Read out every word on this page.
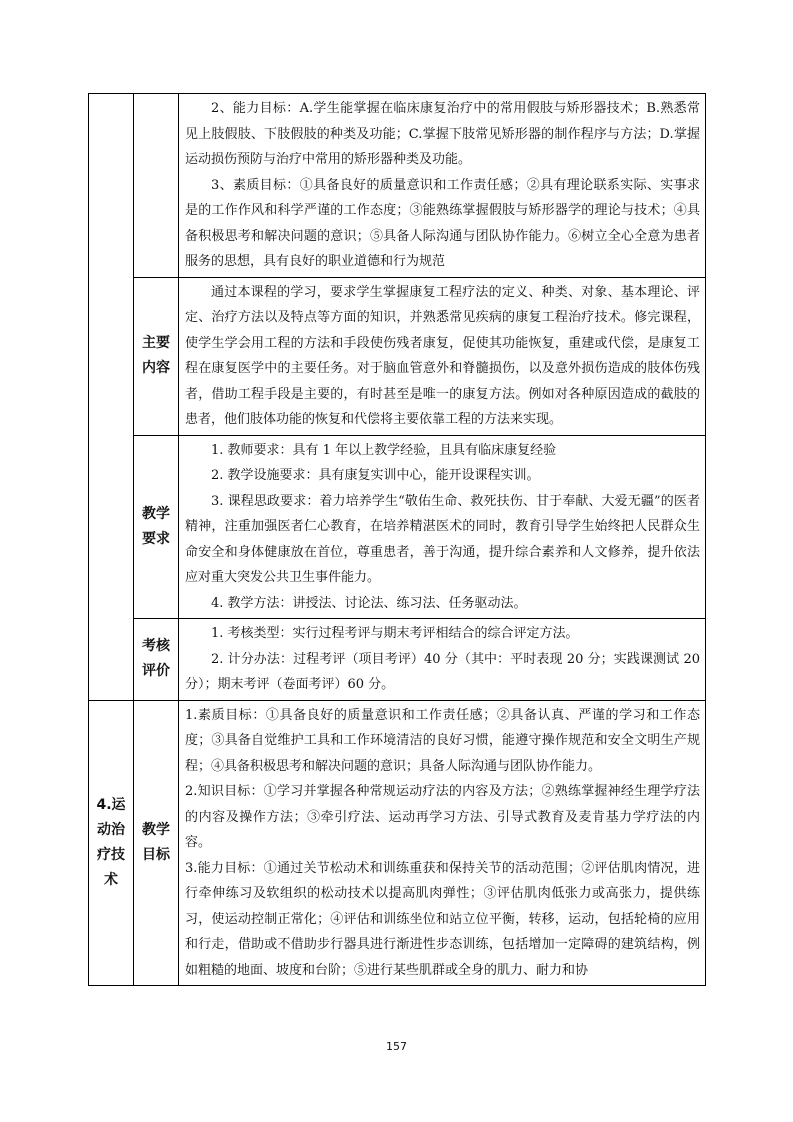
		2、能力目标：A.学生能掌握在临床康复治疗中的常用假肢与矫形器技术；B.熟悉常见上肢假肢、下肢假肢的种类及功能；C.掌握下肢常见矫形器的制作程序与方法；D.掌握运动损伤预防与治疗中常用的矫形器种类及功能。

3、素质目标：①具备良好的质量意识和工作责任感；②具有理论联系实际、实事求是的工作作风和科学严谨的工作态度；③能熟练掌握假肢与矫形器学的理论与技术；④具备积极思考和解决问题的意识；⑤具备人际沟通与团队协作能力。⑥树立全心全意为患者服务的思想，具有良好的职业道德和行为规范

	主要内容	通过本课程的学习，要求学生掌握康复工程疗法的定义、种类、对象、基本理论、评定、治疗方法以及特点等方面的知识，并熟悉常见疾病的康复工程治疗技术。修完课程，使学生学会用工程的方法和手段使伤残者康复，促使其功能恢复，重建或代偿，是康复工程在康复医学中的主要任务。对于脑血管意外和脊髓损伤，以及意外损伤造成的肢体伤残者，借助工程手段是主要的，有时甚至是唯一的康复方法。例如对各种原因造成的截肢的患者，他们肢体功能的恢复和代偿将主要依靠工程的方法来实现。

	教学要求	1. 教师要求：具有 1 年以上教学经验，且具有临床康复经验

2. 教学设施要求：具有康复实训中心，能开设课程实训。

3. 课程思政要求：着力培养学生“敬佑生命、救死扶伤、甘于奉献、大爱无疆”的医者精神，注重加强医者仁心教育，在培养精湛医术的同时，教育引导学生始终把人民群众生命安全和身体健康放在首位，尊重患者，善于沟通，提升综合素养和人文修养，提升依法应对重大突发公共卫生事件能力。

4. 教学方法：讲授法、讨论法、练习法、任务驱动法。

	考核评价	1. 考核类型：实行过程考评与期末考评相结合的综合评定方法。

2. 计分办法：过程考评（项目考评）40 分（其中：平时表现 20 分；实践课测试 20 分）；期末考评（卷面考评）60 分。

4.运动治疗技术	教学目标	1.素质目标：①具备良好的质量意识和工作责任感；②具备认真、严谨的学习和工作态度；③具备自觉维护工具和工作环境清洁的良好习惯，能遵守操作规范和安全文明生产规程；④具备积极思考和解决问题的意识；具备人际沟通与团队协作能力。

2.知识目标：①学习并掌握各种常规运动疗法的内容及方法；②熟练掌握神经生理学疗法的内容及操作方法；③牵引疗法、运动再学习方法、引导式教育及麦肯基力学疗法的内容。

3.能力目标：①通过关节松动术和训练重获和保持关节的活动范围；②评估肌肉情况，进行牵伸练习及软组织的松动技术以提高肌肉弹性；③评估肌肉低张力或高张力，提供练习，使运动控制正常化；④评估和训练坐位和站立位平衡，转移，运动，包括轮椅的应用和行走，借助或不借助步行器具进行渐进性步态训练，包括增加一定障碍的建筑结构，例如粗糙的地面、坡度和台阶；⑤进行某些肌群或全身的肌力、耐力和协

157
